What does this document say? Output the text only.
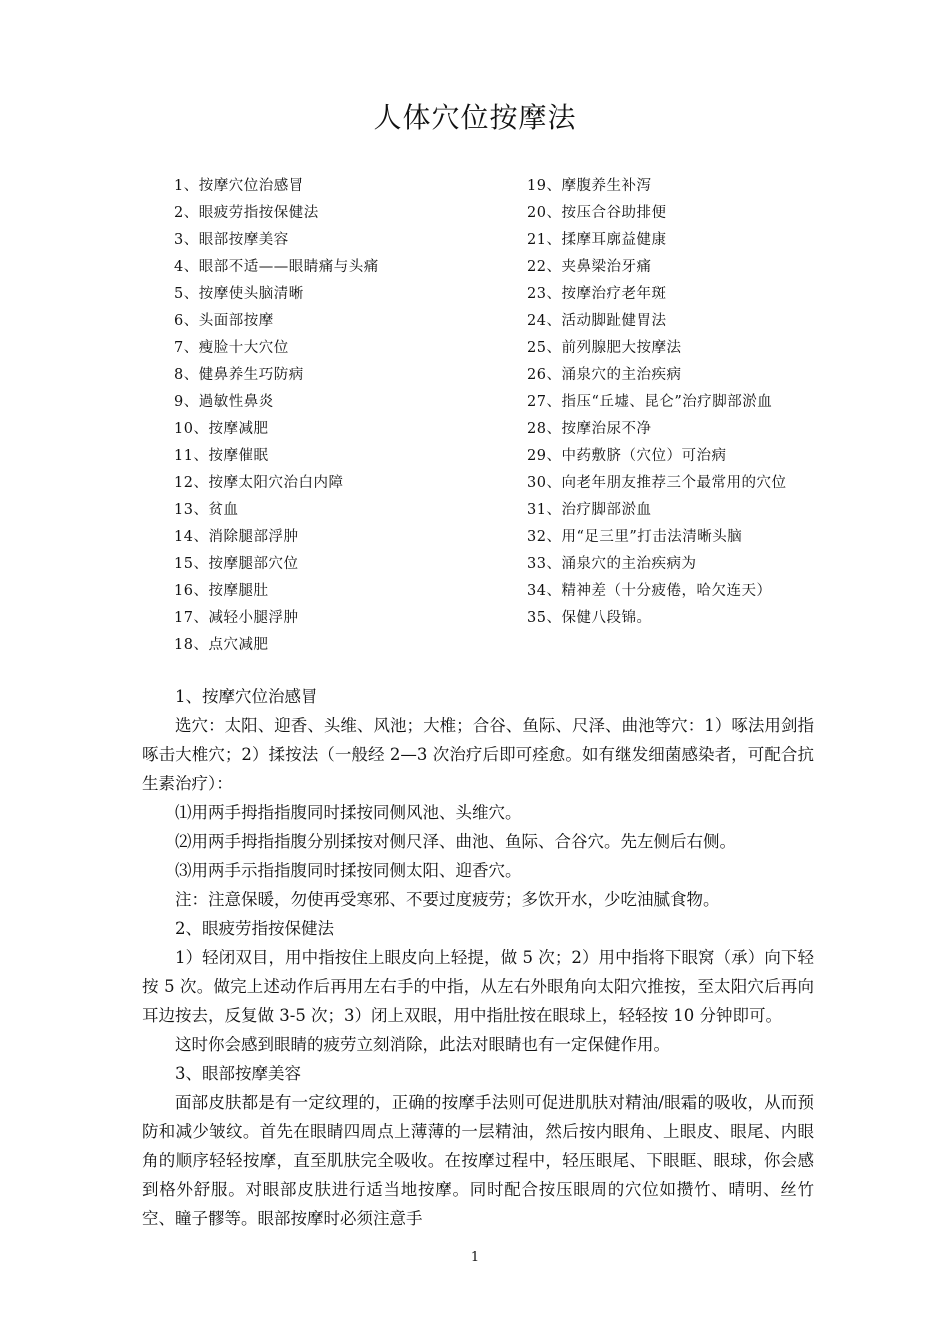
人体穴位按摩法
1、按摩穴位治感冒
2、眼疲劳指按保健法
3、眼部按摩美容
4、眼部不适——眼睛痛与头痛
5、按摩使头脑清晰
6、头面部按摩
7、瘦脸十大穴位
8、健鼻养生巧防病
9、過敏性鼻炎
10、按摩减肥
11、按摩催眠
12、按摩太阳穴治白内障
13、贫血
14、消除腿部浮肿
15、按摩腿部穴位
16、按摩腿肚
17、减轻小腿浮肿
18、点穴减肥
19、摩腹养生补泻
20、按压合谷助排便
21、揉摩耳廓益健康
22、夹鼻梁治牙痛
23、按摩治疗老年斑
24、活动脚趾健胃法
25、前列腺肥大按摩法
26、涌泉穴的主治疾病
27、指压“丘墟、昆仑”治疗脚部淤血
28、按摩治尿不净
29、中药敷脐（穴位）可治病
30、向老年朋友推荐三个最常用的穴位
31、治疗脚部淤血
32、用“足三里”打击法清晰头脑
33、涌泉穴的主治疾病为
34、精神差（十分疲倦，哈欠连天）
35、保健八段锦。

1、按摩穴位治感冒

选穴：太阳、迎香、头维、风池；大椎；合谷、鱼际、尺泽、曲池等穴：1）啄法用剑指啄击大椎穴；2）揉按法（一般经 2—3 次治疗后即可痊愈。如有继发细菌感染者，可配合抗生素治疗）：

⑴用两手拇指指腹同时揉按同侧风池、头维穴。

⑵用两手拇指指腹分别揉按对侧尺泽、曲池、鱼际、合谷穴。先左侧后右侧。

⑶用两手示指指腹同时揉按同侧太阳、迎香穴。

注：注意保暖，勿使再受寒邪、不要过度疲劳；多饮开水，少吃油腻食物。

2、眼疲劳指按保健法

1）轻闭双目，用中指按住上眼皮向上轻提，做 5 次；2）用中指将下眼窝（承）向下轻按 5 次。做完上述动作后再用左右手的中指，从左右外眼角向太阳穴推按，至太阳穴后再向耳边按去，反复做 3-5 次；3）闭上双眼，用中指肚按在眼球上，轻轻按 10 分钟即可。

这时你会感到眼睛的疲劳立刻消除，此法对眼睛也有一定保健作用。

3、眼部按摩美容

面部皮肤都是有一定纹理的，正确的按摩手法则可促进肌肤对精油/眼霜的吸收，从而预防和减少皱纹。首先在眼睛四周点上薄薄的一层精油，然后按内眼角、上眼皮、眼尾、内眼角的顺序轻轻按摩，直至肌肤完全吸收。在按摩过程中，轻压眼尾、下眼眶、眼球，你会感到格外舒服。对眼部皮肤进行适当地按摩。同时配合按压眼周的穴位如攒竹、晴明、丝竹空、瞳子髎等。眼部按摩时必须注意手

1
